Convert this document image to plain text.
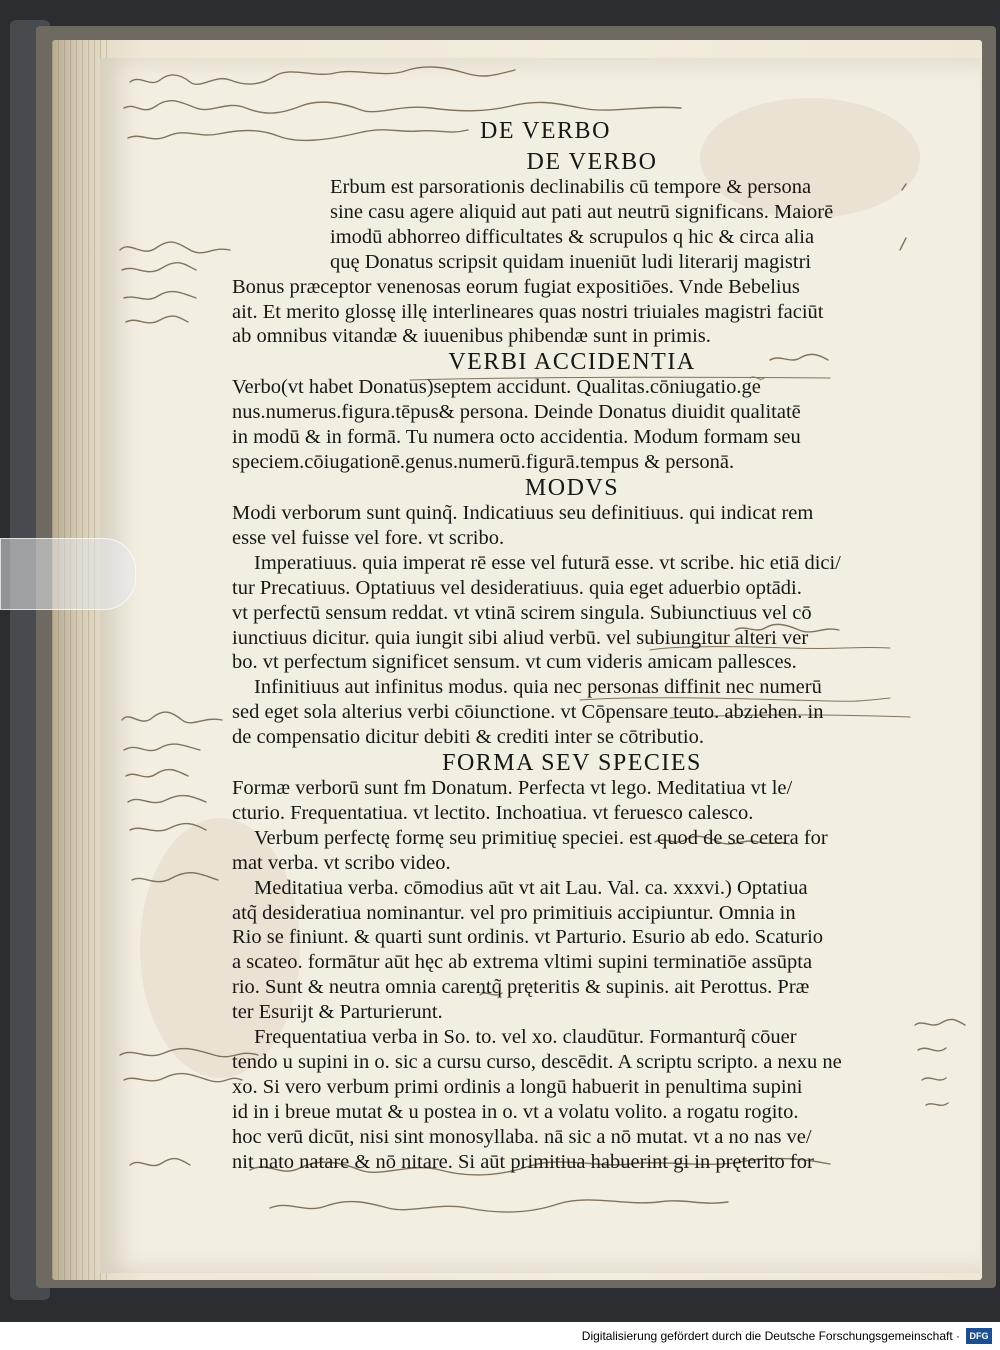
DE VERBO
DE VERBO

Erbum est parsorationis declinabilis cū tempore & persona

sine casu agere aliquid aut pati aut neutrū significans. Maiorē

imodū abhorreo difficultates & scrupulos q hic & circa alia

quę Donatus scripsit quidam inueniūt ludi literarij magistri

Bonus præceptor venenosas eorum fugiat expositiōes. Vnde Bebelius

ait. Et merito glossę illę interlineares quas nostri triuiales magistri faciūt

ab omnibus vitandæ & iuuenibus phibendæ sunt in primis.

VERBI ACCIDENTIA

Verbo(vt habet Donatus)septem accidunt. Qualitas.cōniugatio.ge

nus.numerus.figura.tēpus& persona. Deinde Donatus diuidit qualitatē

in modū & in formā. Tu numera octo accidentia. Modum formam seu

speciem.cōiugationē.genus.numerū.figurā.tempus & personā.

MODVS

Modi verborum sunt quinq̃. Indicatiuus seu definitiuus. qui indicat rem

esse vel fuisse vel fore. vt scribo.

Imperatiuus. quia imperat rē esse vel futurā esse. vt scribe. hic etiā dici/

tur Precatiuus. Optatiuus vel desideratiuus. quia eget aduerbio optādi.

vt perfectū sensum reddat. vt vtinā scirem singula. Subiunctiuus vel cō

iunctiuus dicitur. quia iungit sibi aliud verbū. vel subiungitur alteri ver

bo. vt perfectum significet sensum. vt cum videris amicam pallesces.

Infinitiuus aut infinitus modus. quia nec personas diffinit nec numerū

sed eget sola alterius verbi cōiunctione. vt Cōpensare teuto. abziehen. in

de compensatio dicitur debiti & crediti inter se cōtributio.

FORMA SEV SPECIES

Formæ verborū sunt fm Donatum. Perfecta vt lego. Meditatiua vt le/

cturio. Frequentatiua. vt lectito. Inchoatiua. vt feruesco calesco.

Verbum perfectę formę seu primitiuę speciei. est quod de se cetera for

mat verba. vt scribo video.

Meditatiua verba. cōmodius aūt vt ait Lau. Val. ca. xxxvi.) Optatiua

atq̃ desideratiua nominantur. vel pro primitiuis accipiuntur. Omnia in

Rio se finiunt. & quarti sunt ordinis. vt Parturio. Esurio ab edo. Scaturio

a scateo. formātur aūt hęc ab extrema vltimi supini terminatiōe assūpta

rio. Sunt & neutra omnia carentq̃ pręteritis & supinis. ait Perottus. Præ

ter Esurijt & Parturierunt.

Frequentatiua verba in So. to. vel xo. claudūtur. Formanturq̃ cōuer

tendo u supini in o. sic a cursu curso, descēdit. A scriptu scripto. a nexu ne

xo. Si vero verbum primi ordinis a longū habuerit in penultima supini

id in i breue mutat & u postea in o. vt a volatu volito. a rogatu rogito.

hoc verū dicūt, nisi sint monosyllaba. nā sic a nō mutat. vt a no nas ve/

nit nato natare & nō nitare. Si aūt primitiua habuerint gi in pręterito for

Digitalisierung gefördert durch die Deutsche Forschungsgemeinschaft ·	DFG
